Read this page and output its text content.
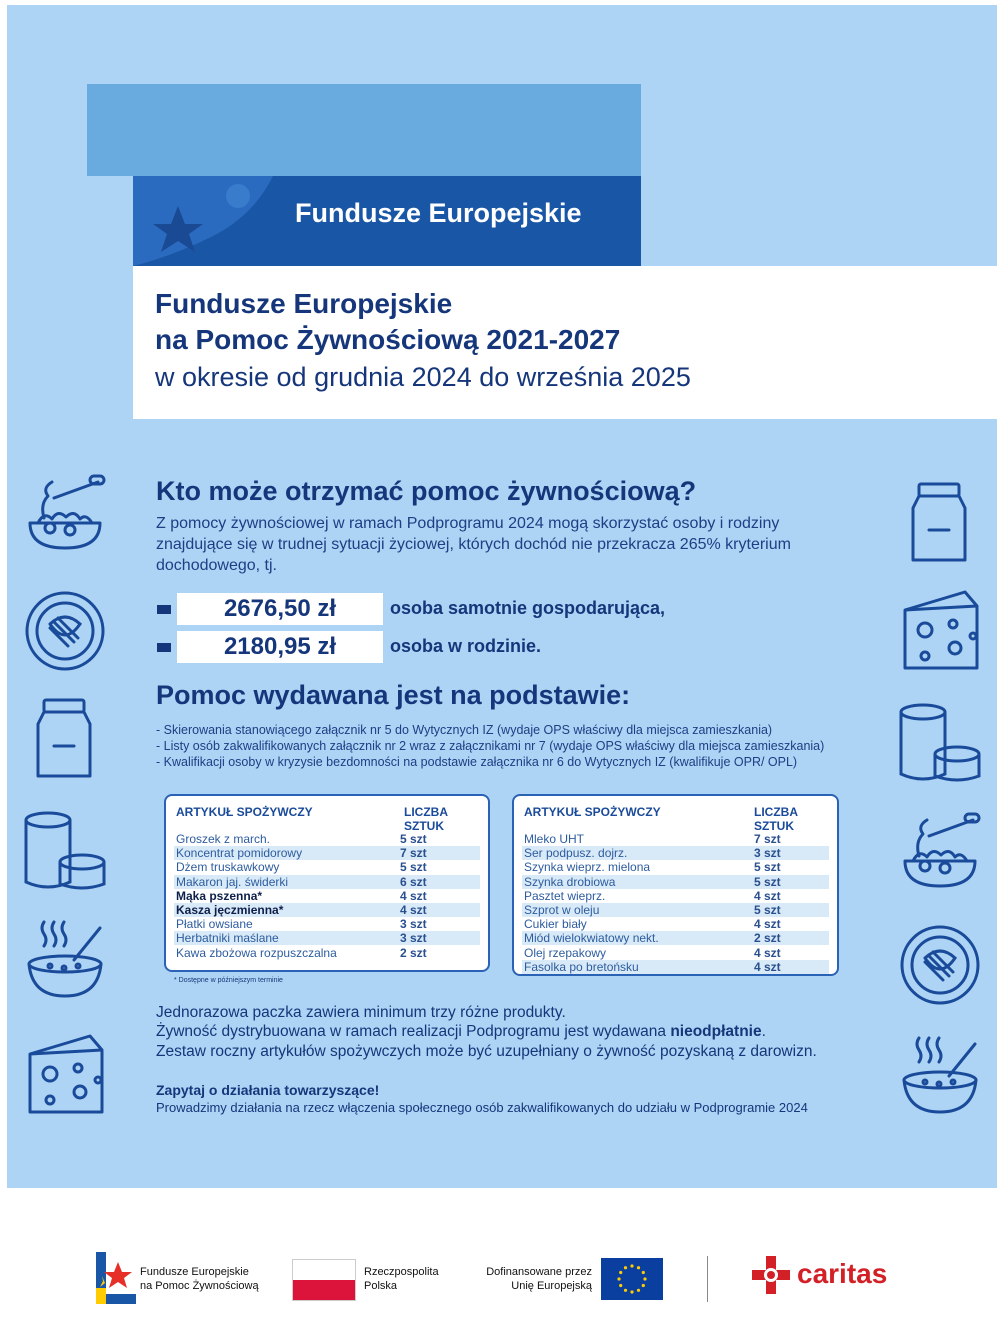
Fundusze Europejskie
Fundusze Europejskie
na Pomoc Żywnościową 2021-2027
w okresie od grudnia 2024 do września 2025
Kto może otrzymać pomoc żywnościową?
Z pomocy żywnościowej w ramach Podprogramu 2024 mogą skorzystać osoby i rodziny znajdujące się w trudnej sytuacji życiowej, których dochód nie przekracza 265% kryterium dochodowego, tj.
2676,50 zł	osoba samotnie gospodarująca,
2180,95 zł	osoba w rodzinie.
Pomoc wydawana jest na podstawie:
- Skierowania stanowiącego załącznik nr 5 do Wytycznych IZ (wydaje OPS właściwy dla miejsca zamieszkania)
- Listy osób zakwalifikowanych załącznik nr 2 wraz z załącznikami nr 7 (wydaje OPS właściwy dla miejsca zamieszkania)
- Kwalifikacji osoby w kryzysie bezdomności na podstawie załącznika nr 6 do Wytycznych IZ (kwalifikuje OPR/ OPL)
ARTYKUŁ SPOŻYWCZY	LICZBA SZTUK
Groszek z march.	5 szt
Koncentrat pomidorowy	7 szt
Dżem truskawkowy	5 szt
Makaron jaj. świderki	6 szt
Mąka pszenna*	4 szt
Kasza jęczmienna*	4 szt
Płatki owsiane	3 szt
Herbatniki maślane	3 szt
Kawa zbożowa rozpuszczalna	2 szt
ARTYKUŁ SPOŻYWCZY	LICZBA SZTUK
Mleko UHT	7 szt
Ser podpusz. dojrz.	3 szt
Szynka wieprz. mielona	5 szt
Szynka drobiowa	5 szt
Pasztet wieprz.	4 szt
Szprot w oleju	5 szt
Cukier biały	4 szt
Miód wielokwiatowy nekt.	2 szt
Olej rzepakowy	4 szt
Fasolka po bretońsku	4 szt
* Dostępne w późniejszym terminie
Jednorazowa paczka zawiera minimum trzy różne produkty.
Żywność dystrybuowana w ramach realizacji Podprogramu jest wydawana nieodpłatnie.
Zestaw roczny artykułów spożywczych może być uzupełniany o żywność pozyskaną z darowizn.
Zapytaj o działania towarzyszące!
Prowadzimy działania na rzecz włączenia społecznego osób zakwalifikowanych do udziału w Podprogramie 2024
Fundusze Europejskie
na Pomoc Żywnościową
Rzeczpospolita
Polska
Dofinansowane przez
Unię Europejską	caritas
